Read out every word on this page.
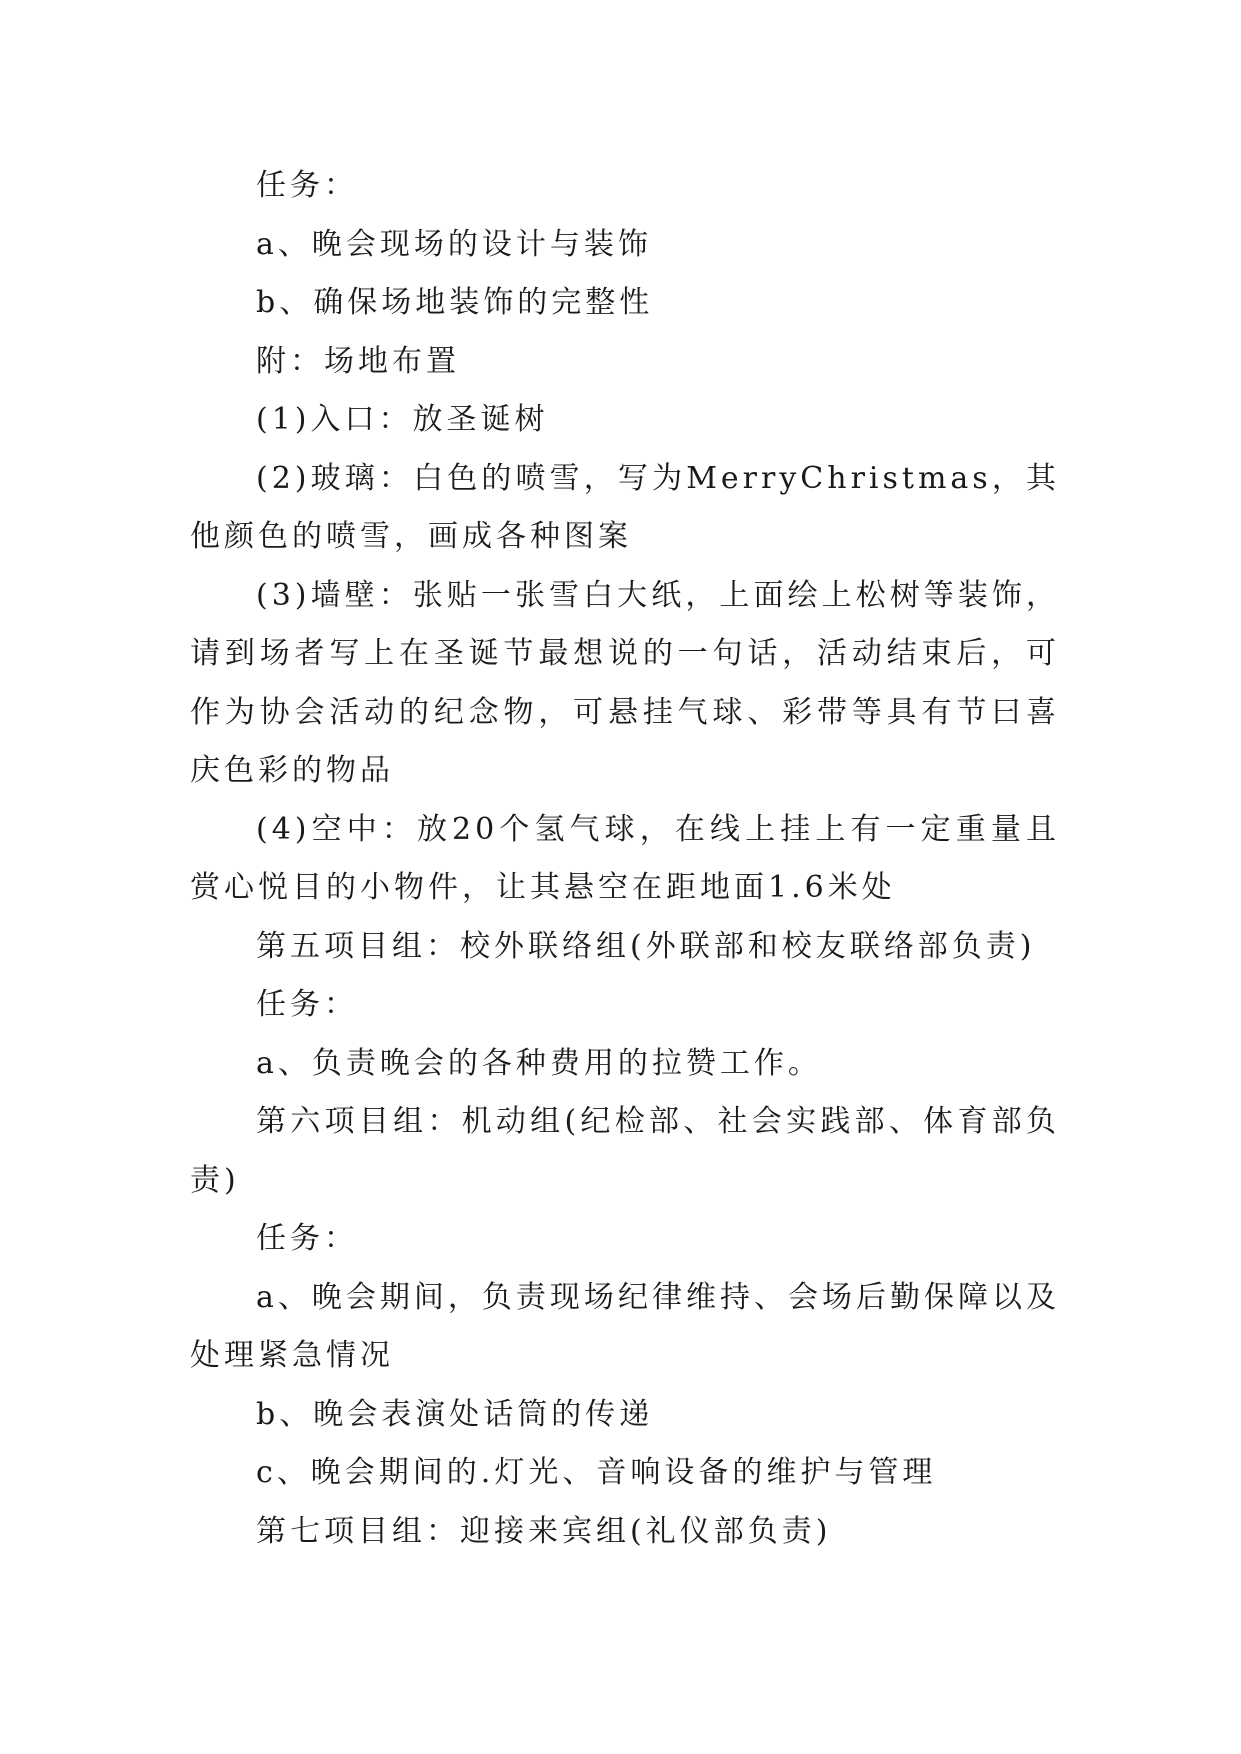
任务：

a、晚会现场的设计与装饰

b、确保场地装饰的完整性

附：场地布置

(1)入口：放圣诞树

(2)玻璃：白色的喷雪，写为MerryChristmas，其他颜色的喷雪，画成各种图案

(3)墙壁：张贴一张雪白大纸，上面绘上松树等装饰，请到场者写上在圣诞节最想说的一句话，活动结束后，可作为协会活动的纪念物，可悬挂气球、彩带等具有节曰喜庆色彩的物品

(4)空中：放20个氢气球，在线上挂上有一定重量且赏心悦目的小物件，让其悬空在距地面1.6米处

第五项目组：校外联络组(外联部和校友联络部负责)

任务：

a、负责晚会的各种费用的拉赞工作。

第六项目组：机动组(纪检部、社会实践部、体育部负责)

任务：

a、晚会期间，负责现场纪律维持、会场后勤保障以及处理紧急情况

b、晚会表演处话筒的传递

c、晚会期间的.灯光、音响设备的维护与管理

第七项目组：迎接来宾组(礼仪部负责)
